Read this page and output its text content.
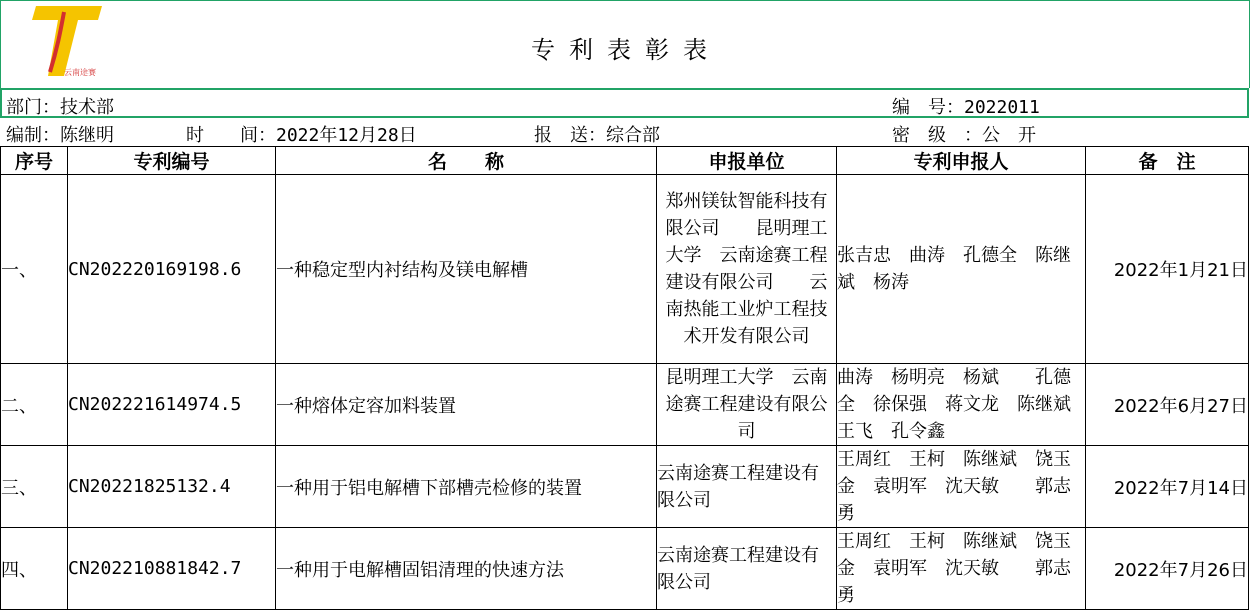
云南途赛
专利表彰表
部门：技术部	编　号：2022011
编制：陈继明	时　　间：2022年12月28日	报　送：综合部	密　级　：公　开
序号	专利编号	名　　称	申报单位	专利申报人	备　注
一、	CN202220169198.6	一种稳定型内衬结构及镁电解槽	郑州镁钛智能科技有限公司　　昆明理工大学　云南途赛工程建设有限公司　　云南热能工业炉工程技术开发有限公司	张吉忠　曲涛　孔德全　陈继斌　杨涛	2022年1月21日
二、	CN202221614974.5	一种熔体定容加料装置	昆明理工大学　云南途赛工程建设有限公司	曲涛　杨明亮　杨斌　　孔德全　徐保强　蒋文龙　陈继斌　王飞　孔令鑫	2022年6月27日
三、	CN20221825132.4	一种用于铝电解槽下部槽壳检修的装置	云南途赛工程建设有限公司	王周红　王柯　陈继斌　饶玉金　袁明军　沈天敏　　郭志勇	2022年7月14日
四、	CN202210881842.7	一种用于电解槽固铝清理的快速方法	云南途赛工程建设有限公司	王周红　王柯　陈继斌　饶玉金　袁明军　沈天敏　　郭志勇	2022年7月26日
